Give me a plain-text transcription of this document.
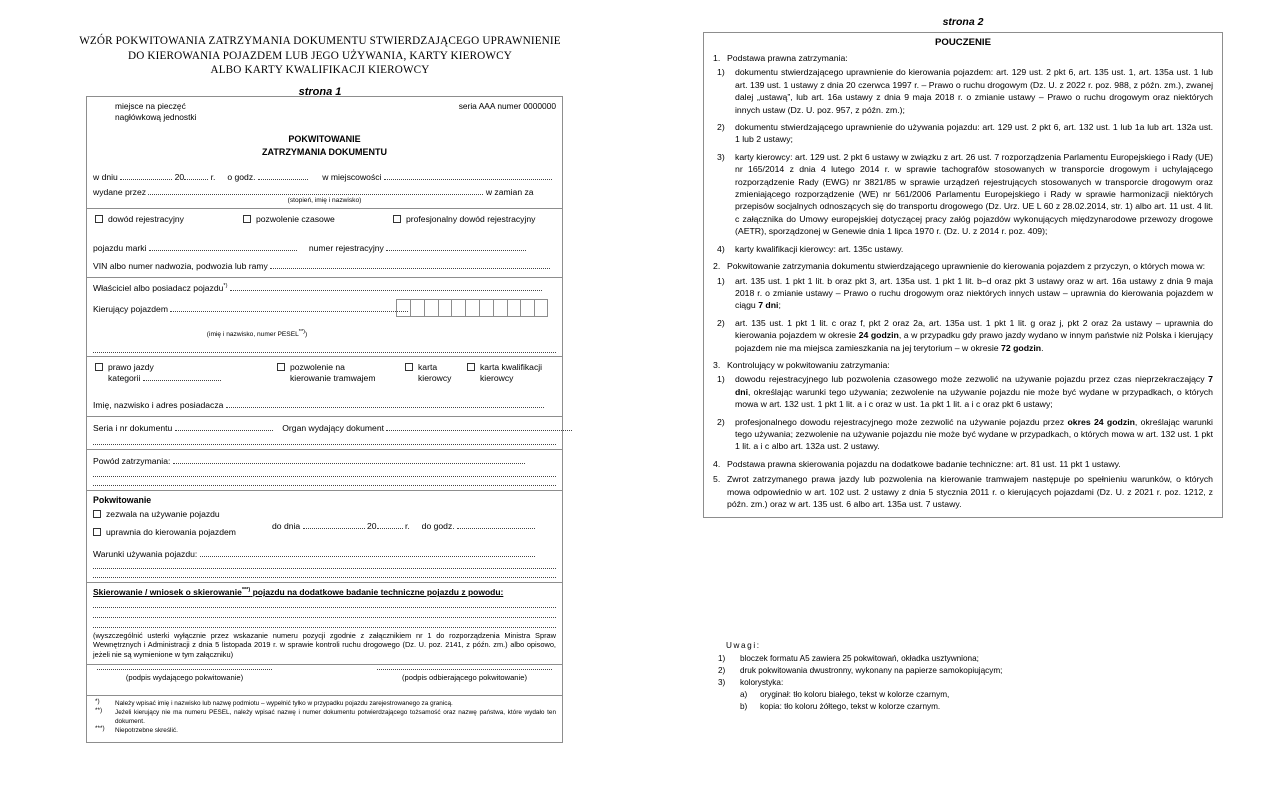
WZÓR POKWITOWANIA ZATRZYMANIA DOKUMENTU STWIERDZAJĄCEGO UPRAWNIENIE
DO KIEROWANIA POJAZDEM LUB JEGO UŻYWANIA, KARTY KIEROWCY
ALBO KARTY KWALIFIKACJI KIEROWCY
strona 1
miejsce na pieczęć
nagłówkową jednostki
seria AAA numer 0000000
POKWITOWANIE
ZATRZYMANIA DOKUMENTU
w dniu	20	r. o godz.	w miejscowości
wydane przez	w zamian za
(stopień, imię i nazwisko)
dowód rejestracyjny	pozwolenie czasowe	profesjonalny dowód rejestracyjny
pojazdu marki	numer rejestracyjny
VIN albo numer nadwozia, podwozia lub ramy
Właściciel albo posiadacz pojazdu*)
Kierujący pojazdem
(imię i nazwisko, numer PESEL**))
prawo jazdy
kategorii
pozwolenie na
kierowanie tramwajem
karta
kierowcy
karta kwalifikacji
kierowcy
Imię, nazwisko i adres posiadacza
Seria i nr dokumentu	Organ wydający dokument
Powód zatrzymania:
Pokwitowanie
zezwala na używanie pojazdu
uprawnia do kierowania pojazdem
do dnia	20	r. do godz.
Warunki używania pojazdu:
Skierowanie / wniosek o skierowanie***) pojazdu na dodatkowe badanie techniczne pojazdu z powodu:
(wyszczególnić usterki wyłącznie przez wskazanie numeru pozycji zgodnie z załącznikiem nr 1 do rozporządzenia Ministra Spraw Wewnętrznych i Administracji z dnia 5 listopada 2019 r. w sprawie kontroli ruchu drogowego (Dz. U. poz. 2141, z późn. zm.) albo opisowo, jeżeli nie są wymienione w tym załączniku)
(podpis wydającego pokwitowanie)	(podpis odbierającego pokwitowanie)
*) Należy wpisać imię i nazwisko lub nazwę podmiotu – wypełnić tylko w przypadku pojazdu zarejestrowanego za granicą.
**) Jeżeli kierujący nie ma numeru PESEL, należy wpisać nazwę i numer dokumentu potwierdzającego tożsamość oraz nazwę państwa, które wydało ten dokument.
***) Niepotrzebne skreślić.
strona 2
POUCZENIE
1. Podstawa prawna zatrzymania:
1) dokumentu stwierdzającego uprawnienie do kierowania pojazdem: art. 129 ust. 2 pkt 6, art. 135 ust. 1, art. 135a ust. 1 lub art. 139 ust. 1 ustawy z dnia 20 czerwca 1997 r. – Prawo o ruchu drogowym (Dz. U. z 2022 r. poz. 988, z późn. zm.), zwanej dalej „ustawą”, lub art. 16a ustawy z dnia 9 maja 2018 r. o zmianie ustawy – Prawo o ruchu drogowym oraz niektórych innych ustaw (Dz. U. poz. 957, z późn. zm.);
2) dokumentu stwierdzającego uprawnienie do używania pojazdu: art. 129 ust. 2 pkt 6, art. 132 ust. 1 lub 1a lub art. 132a ust. 1 lub 2 ustawy;
3) karty kierowcy: art. 129 ust. 2 pkt 6 ustawy w związku z art. 26 ust. 7 rozporządzenia Parlamentu Europejskiego i Rady (UE) nr 165/2014 z dnia 4 lutego 2014 r. w sprawie tachografów stosowanych w transporcie drogowym i uchylającego rozporządzenie Rady (EWG) nr 3821/85 w sprawie urządzeń rejestrujących stosowanych w transporcie drogowym oraz zmieniającego rozporządzenie (WE) nr 561/2006 Parlamentu Europejskiego i Rady w sprawie harmonizacji niektórych przepisów socjalnych odnoszących się do transportu drogowego (Dz. Urz. UE L 60 z 28.02.2014, str. 1) albo art. 11 ust. 4 lit. c załącznika do Umowy europejskiej dotyczącej pracy załóg pojazdów wykonujących międzynarodowe przewozy drogowe (AETR), sporządzonej w Genewie dnia 1 lipca 1970 r. (Dz. U. z 2014 r. poz. 409);
4) karty kwalifikacji kierowcy: art. 135c ustawy.
2. Pokwitowanie zatrzymania dokumentu stwierdzającego uprawnienie do kierowania pojazdem z przyczyn, o których mowa w:
1) art. 135 ust. 1 pkt 1 lit. b oraz pkt 3, art. 135a ust. 1 pkt 1 lit. b–d oraz pkt 3 ustawy oraz w art. 16a ustawy z dnia 9 maja 2018 r. o zmianie ustawy – Prawo o ruchu drogowym oraz niektórych innych ustaw – uprawnia do kierowania pojazdem w ciągu 7 dni;
2) art. 135 ust. 1 pkt 1 lit. c oraz f, pkt 2 oraz 2a, art. 135a ust. 1 pkt 1 lit. g oraz j, pkt 2 oraz 2a ustawy – uprawnia do kierowania pojazdem w okresie 24 godzin, a w przypadku gdy prawo jazdy wydano w innym państwie niż Polska i kierujący pojazdem nie ma miejsca zamieszkania na jej terytorium – w okresie 72 godzin.
3. Kontrolujący w pokwitowaniu zatrzymania:
1) dowodu rejestracyjnego lub pozwolenia czasowego może zezwolić na używanie pojazdu przez czas nieprzekraczający 7 dni, określając warunki tego używania; zezwolenie na używanie pojazdu nie może być wydane w przypadkach, o których mowa w art. 132 ust. 1 pkt 1 lit. a i c oraz w ust. 1a pkt 1 lit. a i c oraz pkt 6 ustawy;
2) profesjonalnego dowodu rejestracyjnego może zezwolić na używanie pojazdu przez okres 24 godzin, określając warunki tego używania; zezwolenie na używanie pojazdu nie może być wydane w przypadkach, o których mowa w art. 132 ust. 1 pkt 1 lit. a i c albo art. 132a ust. 2 ustawy.
4. Podstawa prawna skierowania pojazdu na dodatkowe badanie techniczne: art. 81 ust. 11 pkt 1 ustawy.
5. Zwrot zatrzymanego prawa jazdy lub pozwolenia na kierowanie tramwajem następuje po spełnieniu warunków, o których mowa odpowiednio w art. 102 ust. 2 ustawy z dnia 5 stycznia 2011 r. o kierujących pojazdami (Dz. U. z 2021 r. poz. 1212, z późn. zm.) oraz w art. 135 ust. 6 albo art. 135a ust. 7 ustawy.
Uwagi:
1) bloczek formatu A5 zawiera 25 pokwitowań, okładka usztywniona;
2) druk pokwitowania dwustronny, wykonany na papierze samokopiującym;
3) kolorystyka:
a) oryginał: tło koloru białego, tekst w kolorze czarnym,
b) kopia: tło koloru żółtego, tekst w kolorze czarnym.
